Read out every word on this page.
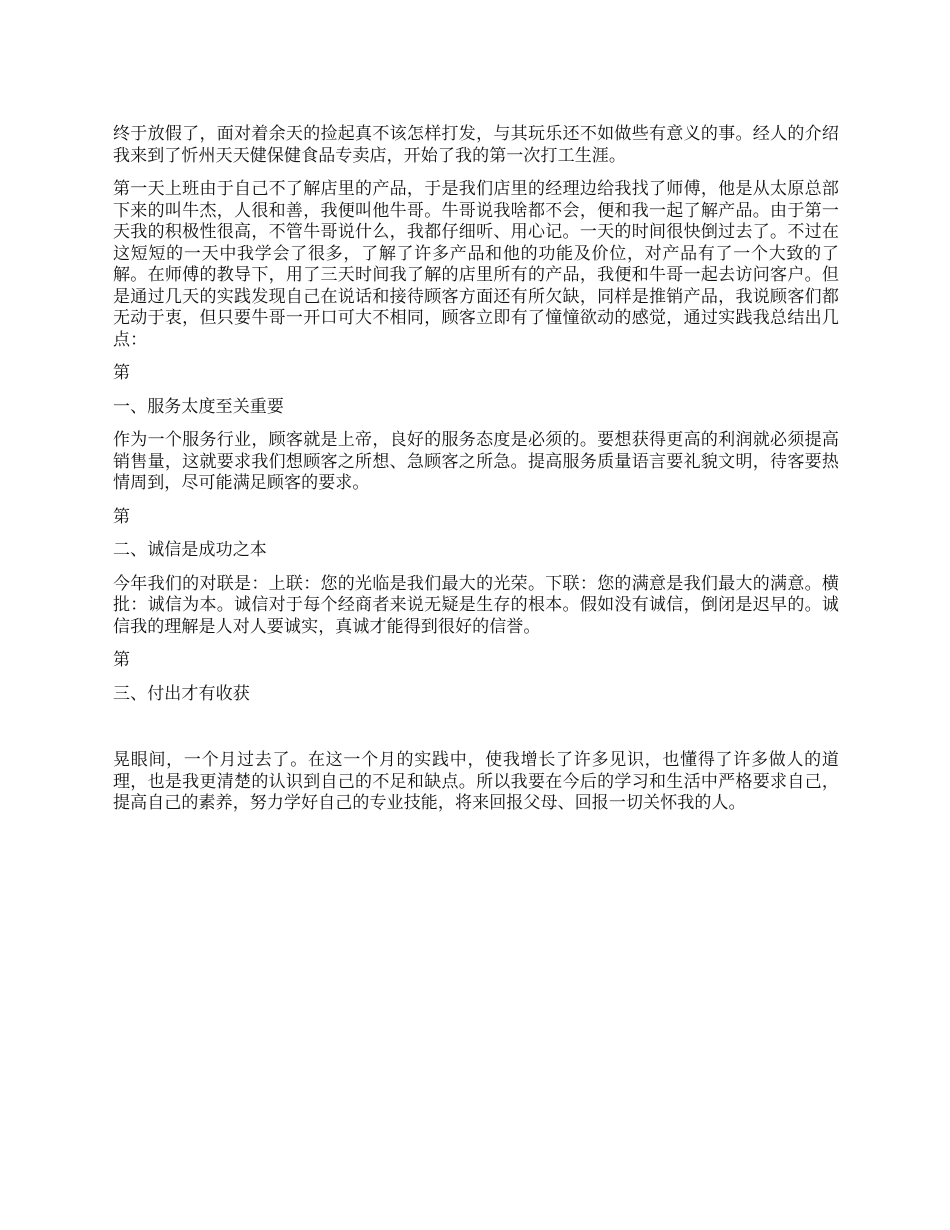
终于放假了，面对着余天的捡起真不该怎样打发，与其玩乐还不如做些有意义的事。经人的介绍我来到了忻州天天健保健食品专卖店，开始了我的第一次打工生涯。

第一天上班由于自己不了解店里的产品，于是我们店里的经理边给我找了师傅，他是从太原总部下来的叫牛杰，人很和善，我便叫他牛哥。牛哥说我啥都不会，便和我一起了解产品。由于第一天我的积极性很高，不管牛哥说什么，我都仔细听、用心记。一天的时间很快倒过去了。不过在这短短的一天中我学会了很多，了解了许多产品和他的功能及价位，对产品有了一个大致的了解。在师傅的教导下，用了三天时间我了解的店里所有的产品，我便和牛哥一起去访问客户。但是通过几天的实践发现自己在说话和接待顾客方面还有所欠缺，同样是推销产品，我说顾客们都无动于衷，但只要牛哥一开口可大不相同，顾客立即有了憧憧欲动的感觉，通过实践我总结出几点：

第
一、服务太度至关重要

作为一个服务行业，顾客就是上帝，良好的服务态度是必须的。要想获得更高的利润就必须提高销售量，这就要求我们想顾客之所想、急顾客之所急。提高服务质量语言要礼貌文明，待客要热情周到，尽可能满足顾客的要求。

第
二、诚信是成功之本

今年我们的对联是：上联：您的光临是我们最大的光荣。下联：您的满意是我们最大的满意。横批：诚信为本。诚信对于每个经商者来说无疑是生存的根本。假如没有诚信，倒闭是迟早的。诚信我的理解是人对人要诚实，真诚才能得到很好的信誉。

第
三、付出才有收获

晃眼间，一个月过去了。在这一个月的实践中，使我增长了许多见识，也懂得了许多做人的道理，也是我更清楚的认识到自己的不足和缺点。所以我要在今后的学习和生活中严格要求自己，提高自己的素养，努力学好自己的专业技能，将来回报父母、回报一切关怀我的人。
